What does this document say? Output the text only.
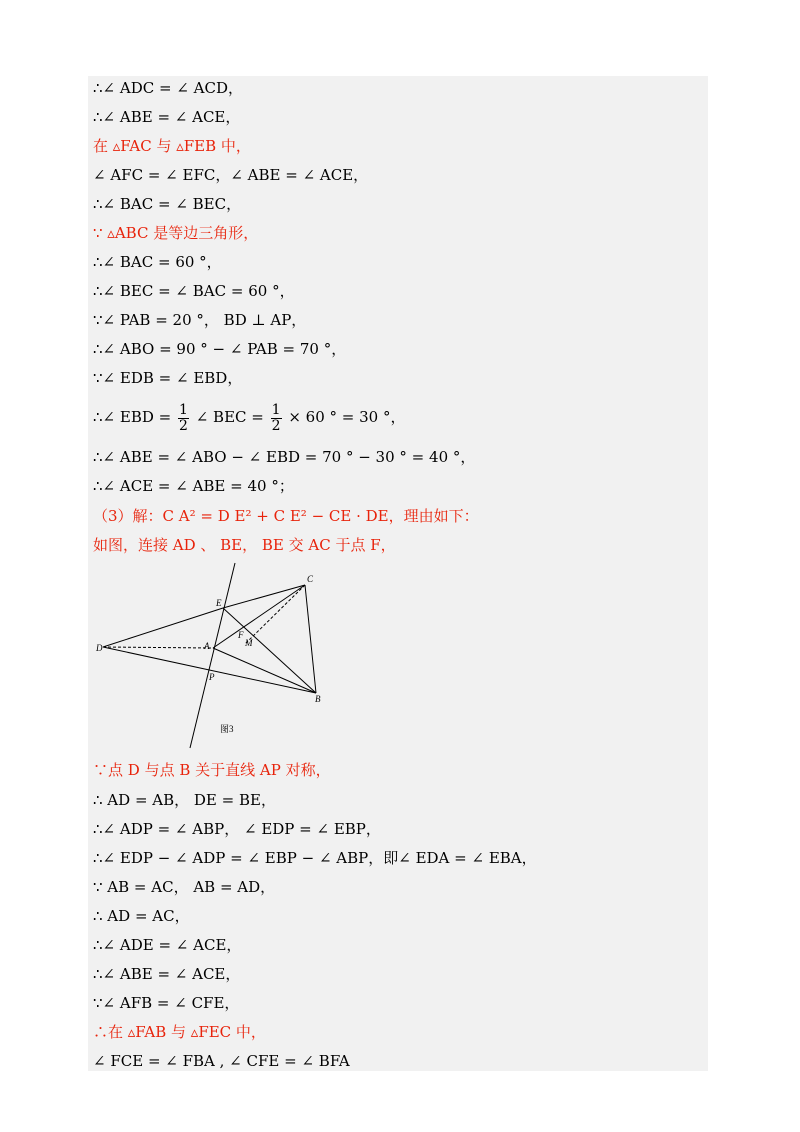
∴∠ ADC = ∠ ACD，
∴∠ ABE = ∠ ACE，
在 ▵FAC 与 ▵FEB 中，
∠ AFC = ∠ EFC，∠ ABE = ∠ ACE，
∴∠ BAC = ∠ BEC，
∵ ▵ABC 是等边三角形，
∴∠ BAC = 60 °，
∴∠ BEC = ∠ BAC = 60 °，
∵∠ PAB = 20 °， BD ⊥ AP，
∴∠ ABO = 90 ° − ∠ PAB = 70 °，
∵∠ EDB = ∠ EBD，
∴∠ EBD = $\frac{1}{2}$ ∠ BEC = $\frac{1}{2} \times 60$ ° = 30 °，
∴∠ ABE = ∠ ABO − ∠ EBD = 70 ° − 30 ° = 40 °，
∴∠ ACE = ∠ ABE = 40 °；
（3）解：C A² = D E² + C E² − CE · DE，理由如下：
如图，连接 AD 、 BE， BE 交 AC 于点 F，
C
E
D	A
F
M
P
B
图3
∵点 D 与点 B 关于直线 AP 对称，
∴ AD = AB， DE = BE，
∴∠ ADP = ∠ ABP， ∠ EDP = ∠ EBP，
∴∠ EDP − ∠ ADP = ∠ EBP − ∠ ABP，即∠ EDA = ∠ EBA，
∵ AB = AC， AB = AD，
∴ AD = AC，
∴∠ ADE = ∠ ACE，
∴∠ ABE = ∠ ACE，
∵∠ AFB = ∠ CFE，
∴在 ▵FAB 与 ▵FEC 中，
∠ FCE = ∠ FBA , ∠ CFE = ∠ BFA
